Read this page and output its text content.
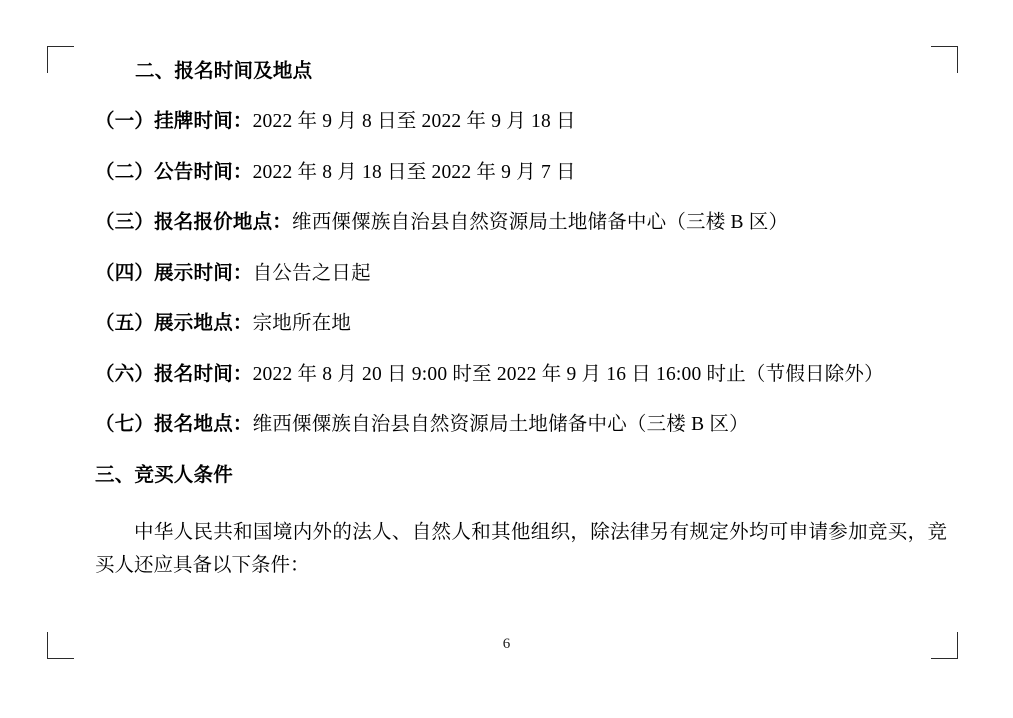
二、报名时间及地点
（一）挂牌时间：2022 年 9 月 8 日至 2022 年 9 月 18 日
（二）公告时间：2022 年 8 月 18 日至 2022 年 9 月 7 日
（三）报名报价地点：维西傈僳族自治县自然资源局土地储备中心（三楼 B 区）
（四）展示时间：自公告之日起
（五）展示地点：宗地所在地
（六）报名时间：2022 年 8 月 20 日 9:00 时至 2022 年 9 月 16 日 16:00 时止（节假日除外）
（七）报名地点：维西傈僳族自治县自然资源局土地储备中心（三楼 B 区）
三、竞买人条件
中华人民共和国境内外的法人、自然人和其他组织，除法律另有规定外均可申请参加竞买，竞买人还应具备以下条件：
6
